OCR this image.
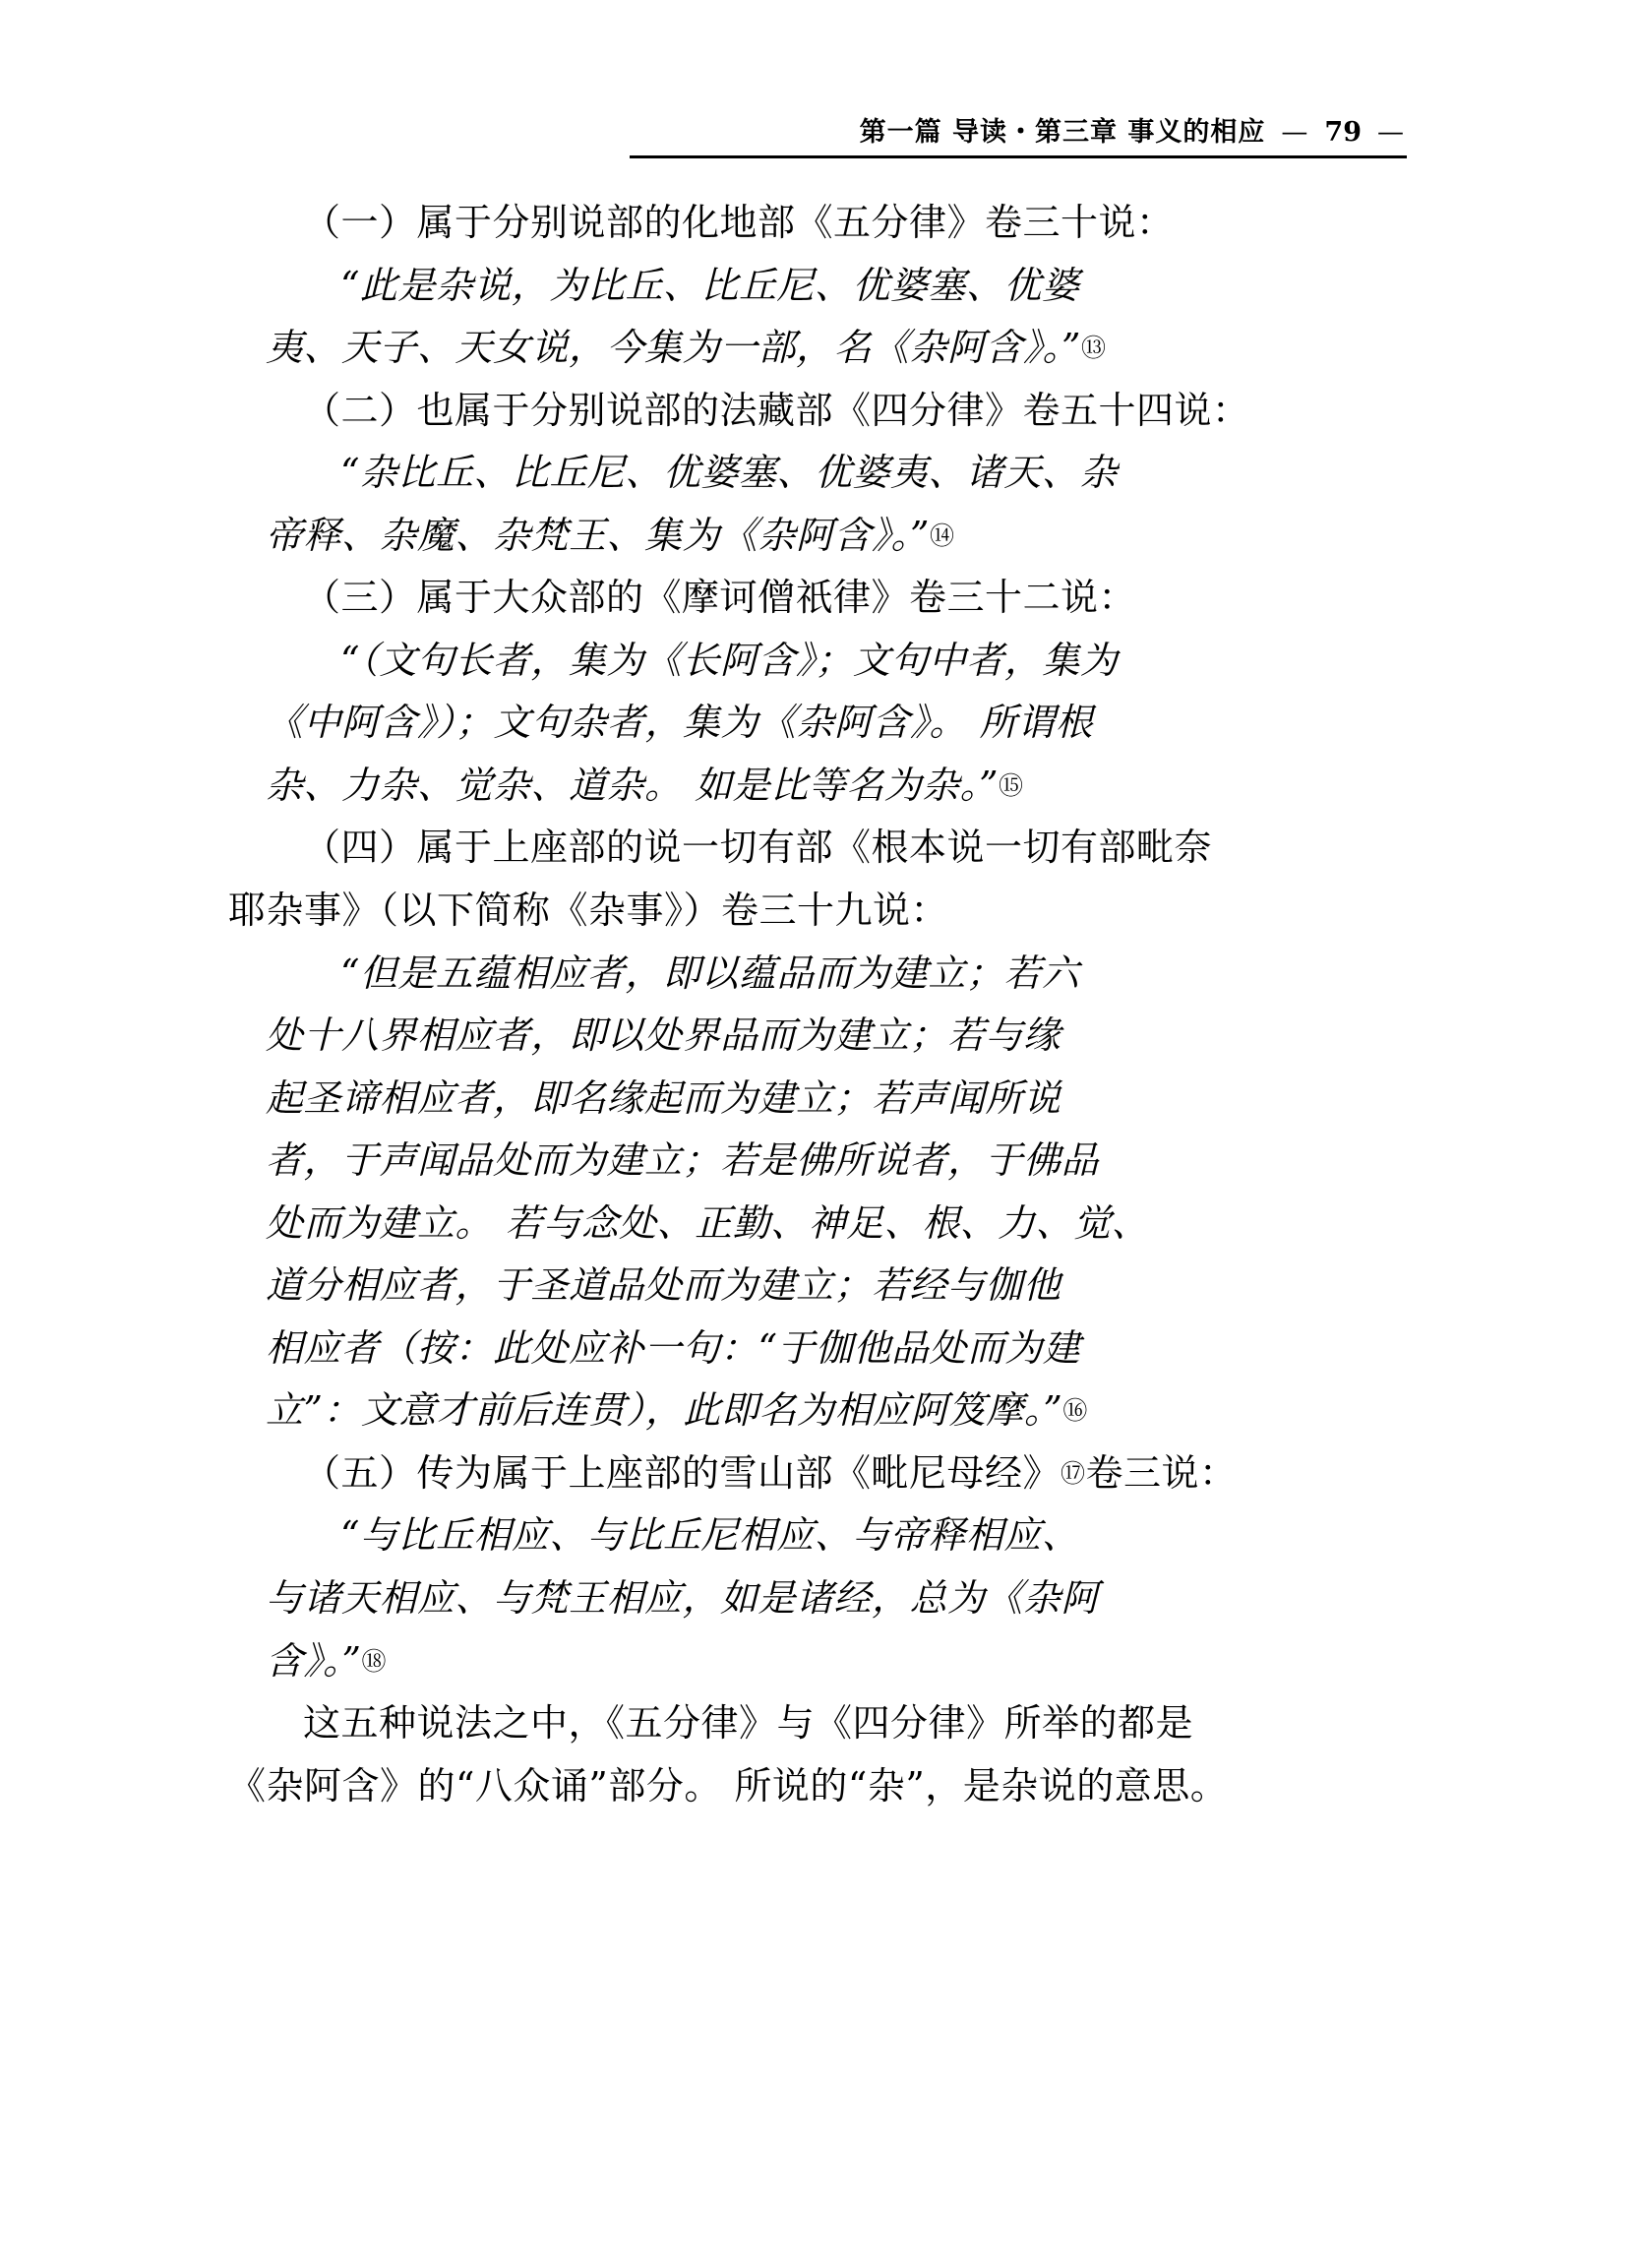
第一篇 导读・第三章 事义的相应 — 79 —

（一）属于分别说部的化地部《五分律》卷三十说：

“此是杂说，为比丘、比丘尼、优婆塞、优婆

夷、天子、天女说，今集为一部，名《杂阿含》。”⑬

（二）也属于分别说部的法藏部《四分律》卷五十四说：

“杂比丘、比丘尼、优婆塞、优婆夷、诸天、杂

帝释、杂魔、杂梵王、集为《杂阿含》。”⑭

（三）属于大众部的《摩诃僧祇律》卷三十二说：

“（文句长者，集为《长阿含》；文句中者，集为

《中阿含》）；文句杂者，集为《杂阿含》。 所谓根

杂、力杂、觉杂、道杂。 如是比等名为杂。”⑮

（四）属于上座部的说一切有部《根本说一切有部毗奈

耶杂事》（以下简称《杂事》）卷三十九说：

“但是五蕴相应者，即以蕴品而为建立；若六

处十八界相应者，即以处界品而为建立；若与缘

起圣谛相应者，即名缘起而为建立；若声闻所说

者，于声闻品处而为建立；若是佛所说者，于佛品

处而为建立。 若与念处、正勤、神足、根、力、觉、

道分相应者，于圣道品处而为建立；若经与伽他

相应者（按：此处应补一句：“于伽他品处而为建

立”：文意才前后连贯），此即名为相应阿笈摩。”⑯

（五）传为属于上座部的雪山部《毗尼母经》⑰卷三说：

“与比丘相应、与比丘尼相应、与帝释相应、

与诸天相应、与梵王相应，如是诸经，总为《杂阿

含》。”⑱

这五种说法之中，《五分律》与《四分律》所举的都是

《杂阿含》的“八众诵”部分。 所说的“杂”，是杂说的意思。
